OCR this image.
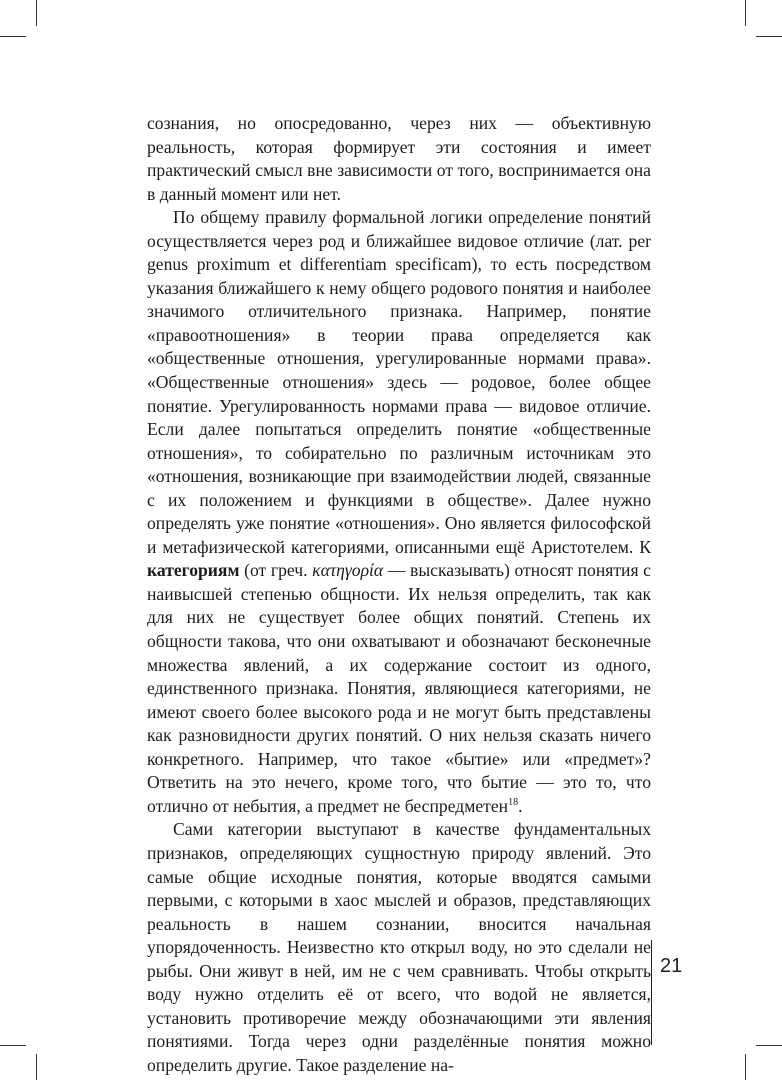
сознания, но опосредованно, через них — объективную реальность, которая формирует эти состояния и имеет практический смысл вне зависимости от того, воспринимается она в данный момент или нет.

По общему правилу формальной логики определение понятий осуществляется через род и ближайшее видовое отличие (лат. per genus proximum et differentiam specificam), то есть посредством указания ближайшего к нему общего родового понятия и наиболее значимого отличительного признака. Например, понятие «правоотношения» в теории права определяется как «общественные отношения, урегулированные нормами права». «Общественные отношения» здесь — родовое, более общее понятие. Урегулированность нормами права — видовое отличие. Если далее попытаться определить понятие «общественные отношения», то собирательно по различным источникам это «отношения, возникающие при взаимодействии людей, связанные с их положением и функциями в обществе». Далее нужно определять уже понятие «отношения». Оно является философской и метафизической категориями, описанными ещё Аристотелем. К категориям (от греч. κατηγορία — высказывать) относят понятия с наивысшей степенью общности. Их нельзя определить, так как для них не существует более общих понятий. Степень их общности такова, что они охватывают и обозначают бесконечные множества явлений, а их содержание состоит из одного, единственного признака. Понятия, являющиеся категориями, не имеют своего более высокого рода и не могут быть представлены как разновидности других понятий. О них нельзя сказать ничего конкретного. Например, что такое «бытие» или «предмет»? Ответить на это нечего, кроме того, что бытие — это то, что отлично от небытия, а предмет не беспредметен$^{18}$.

Сами категории выступают в качестве фундаментальных признаков, определяющих сущностную природу явлений. Это самые общие исходные понятия, которые вводятся самыми первыми, с которыми в хаос мыслей и образов, представляющих реальность в нашем сознании, вносится начальная упорядоченность. Неизвестно кто открыл воду, но это сделали не рыбы. Они живут в ней, им не с чем сравнивать. Чтобы открыть воду нужно отделить её от всего, что водой не является, установить противоречие между обозначающими эти явления понятиями. Тогда через одни разделённые понятия можно определить другие. Такое разделение на-

21
